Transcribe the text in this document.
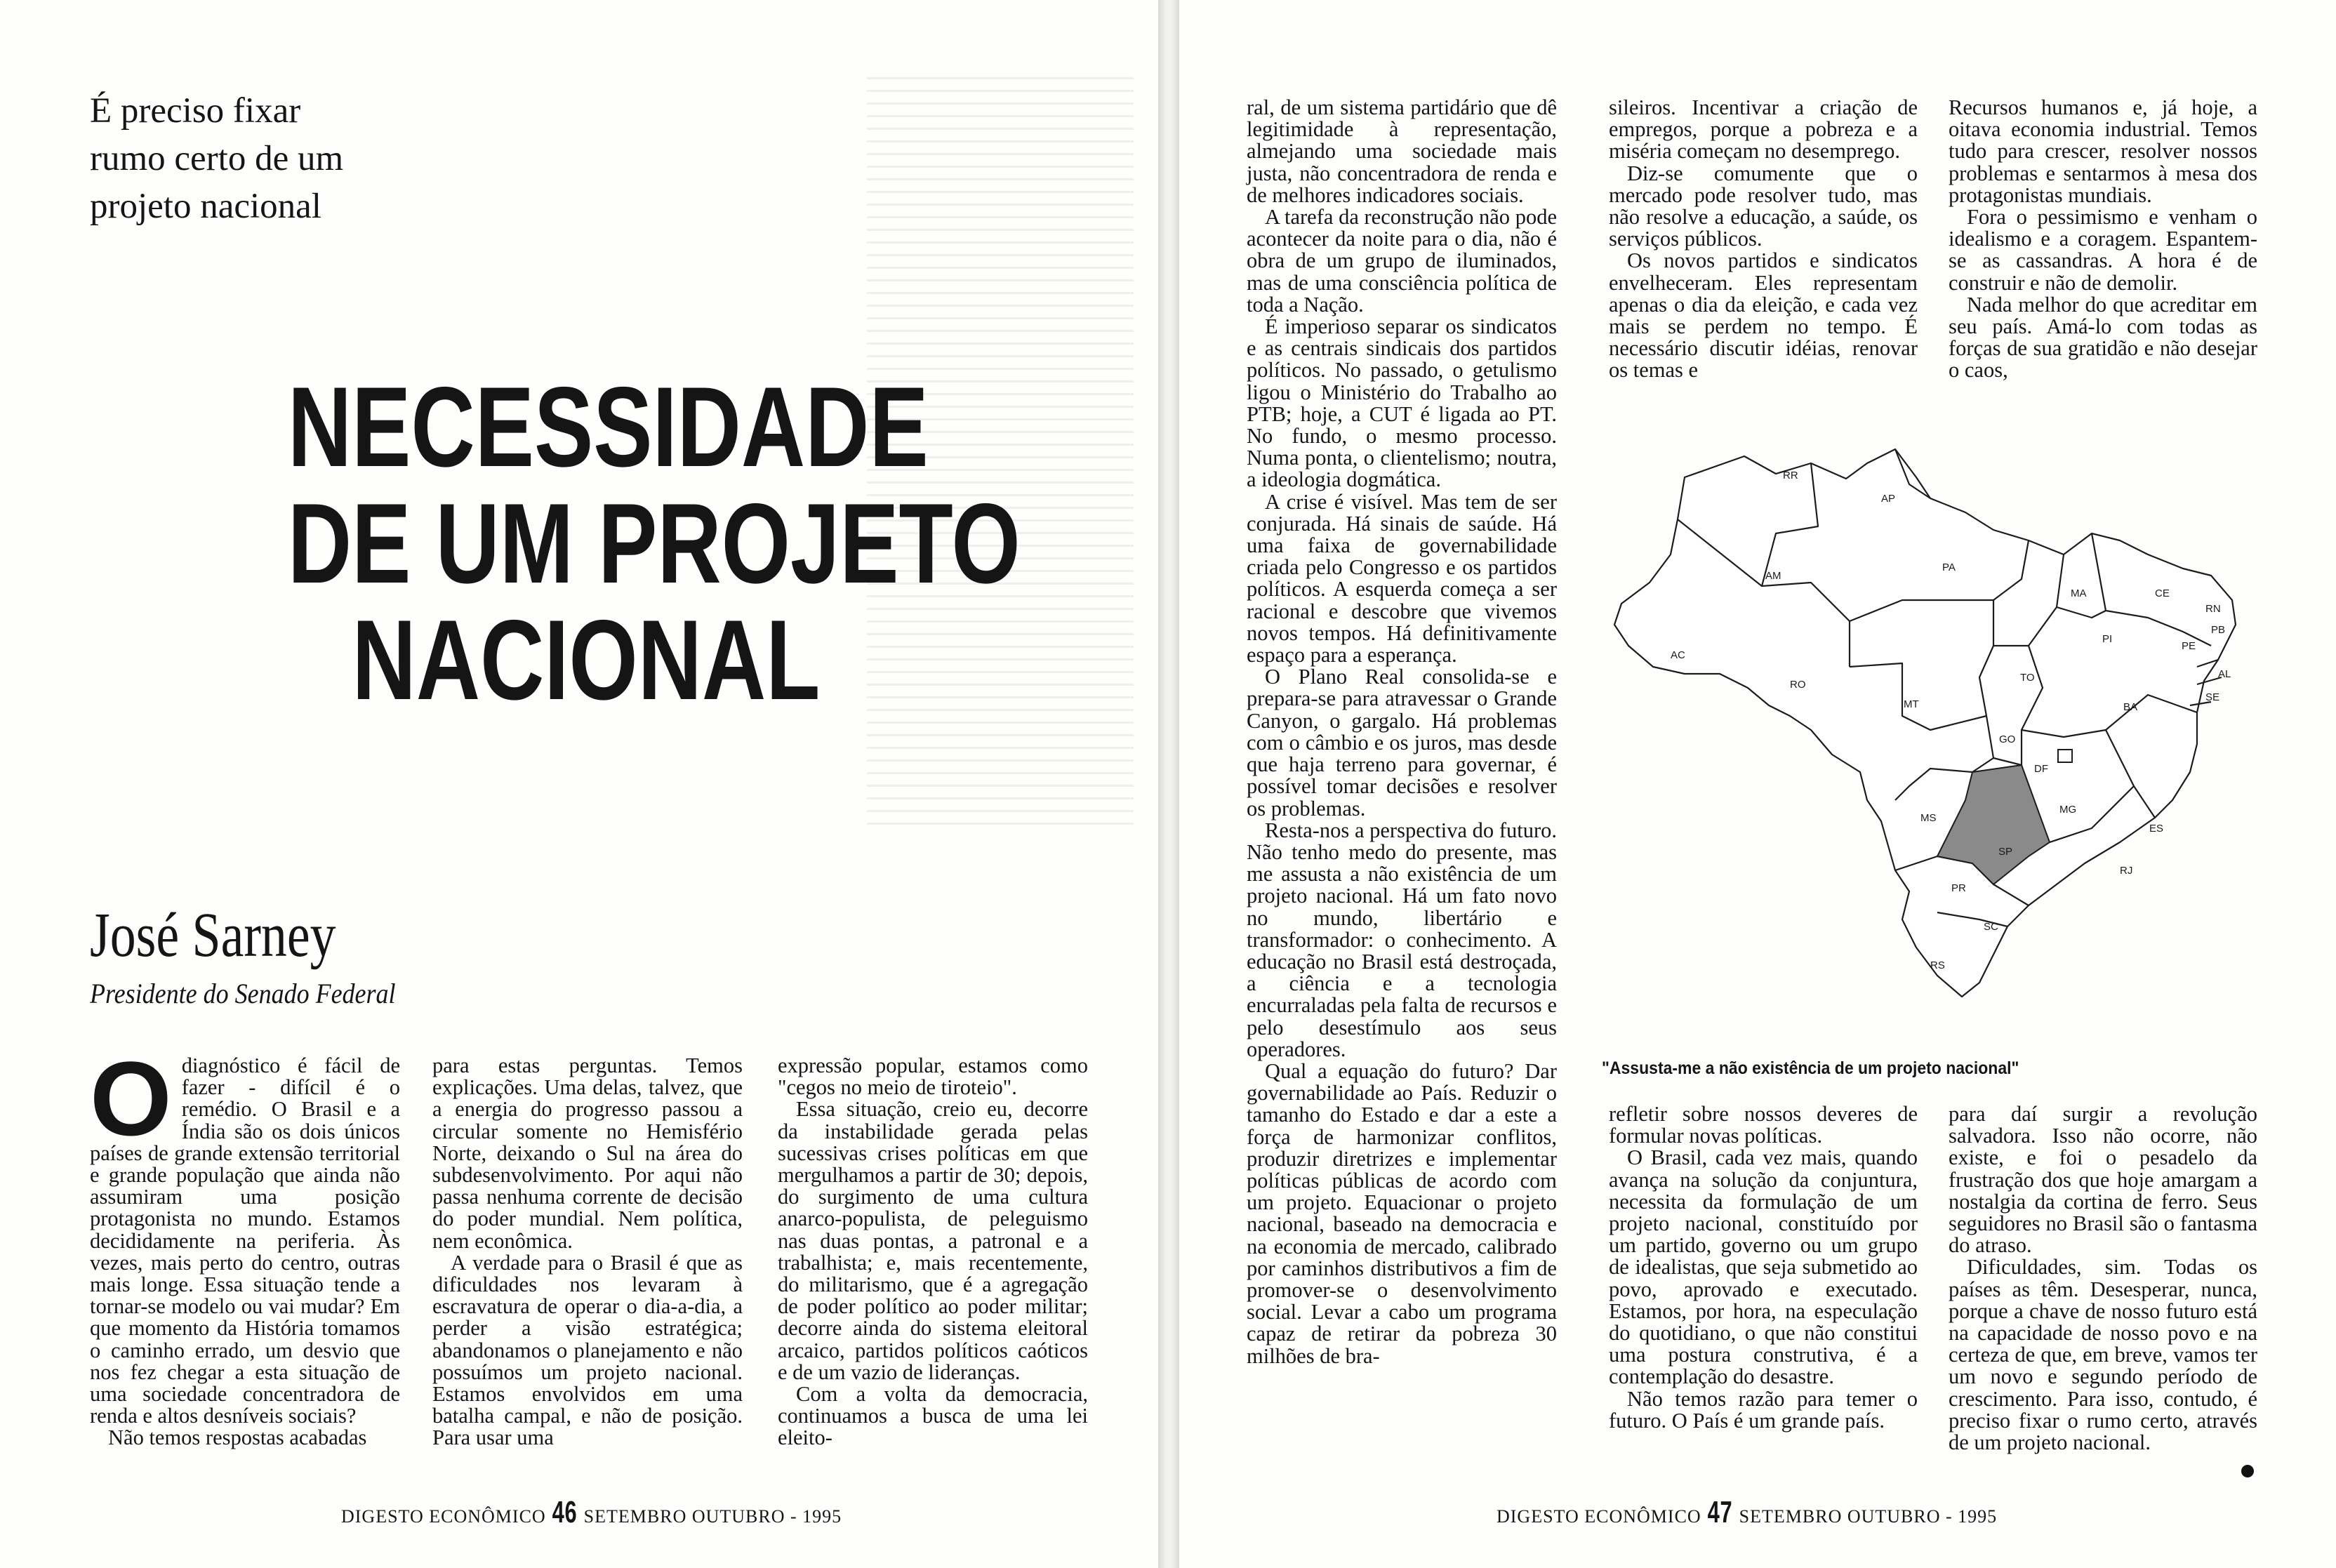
É preciso fixar
rumo certo de um
projeto nacional
NECESSIDADE
DE UM PROJETO
NACIONAL
José Sarney
Presidente do Senado Federal

Odiagnóstico é fácil de fazer - difícil é o remédio. O Brasil e a Índia são os dois únicos países de grande extensão territorial e grande população que ainda não assumiram uma posição protagonista no mundo. Estamos decididamente na periferia. Às vezes, mais perto do centro, outras mais longe. Essa situação tende a tornar-se modelo ou vai mudar? Em que momento da História tomamos o caminho errado, um desvio que nos fez chegar a esta situação de uma sociedade concentradora de renda e altos desníveis sociais?

Não temos respostas acabadas

para estas perguntas. Temos explicações. Uma delas, talvez, que a energia do progresso passou a circular somente no Hemisfério Norte, deixando o Sul na área do subdesenvolvimento. Por aqui não passa nenhuma corrente de decisão do poder mundial. Nem política, nem econômica.

A verdade para o Brasil é que as dificuldades nos levaram à escravatura de operar o dia-a-dia, a perder a visão estratégica; abandonamos o planejamento e não possuímos um projeto nacional. Estamos envolvidos em uma batalha campal, e não de posição. Para usar uma

expressão popular, estamos como "cegos no meio de tiroteio".

Essa situação, creio eu, decorre da instabilidade gerada pelas sucessivas crises políticas em que mergulhamos a partir de 30; depois, do surgimento de uma cultura anarco-populista, de peleguismo nas duas pontas, a patronal e a trabalhista; e, mais recentemente, do militarismo, que é a agregação de poder político ao poder militar; decorre ainda do sistema eleitoral arcaico, partidos políticos caóticos e de um vazio de lideranças.

Com a volta da democracia, continuamos a busca de uma lei eleito-

DIGESTO ECONÔMICO 46 SETEMBRO OUTUBRO - 1995

ral, de um sistema partidário que dê legitimidade à representação, almejando uma sociedade mais justa, não concentradora de renda e de melhores indicadores sociais.

A tarefa da reconstrução não pode acontecer da noite para o dia, não é obra de um grupo de iluminados, mas de uma consciência política de toda a Nação.

É imperioso separar os sindicatos e as centrais sindicais dos partidos políticos. No passado, o getulismo ligou o Ministério do Trabalho ao PTB; hoje, a CUT é ligada ao PT. No fundo, o mesmo processo. Numa ponta, o clientelismo; noutra, a ideologia dogmática.

A crise é visível. Mas tem de ser conjurada. Há sinais de saúde. Há uma faixa de governabilidade criada pelo Congresso e os partidos políticos. A esquerda começa a ser racional e descobre que vivemos novos tempos. Há definitivamente espaço para a esperança.

O Plano Real consolida-se e prepara-se para atravessar o Grande Canyon, o gargalo. Há problemas com o câmbio e os juros, mas desde que haja terreno para governar, é possível tomar decisões e resolver os problemas.

Resta-nos a perspectiva do futuro. Não tenho medo do presente, mas me assusta a não existência de um projeto nacional. Há um fato novo no mundo, libertário e transformador: o conhecimento. A educação no Brasil está destroçada, a ciência e a tecnologia encurraladas pela falta de recursos e pelo desestímulo aos seus operadores.

Qual a equação do futuro? Dar governabilidade ao País. Reduzir o tamanho do Estado e dar a este a força de harmonizar conflitos, produzir diretrizes e implementar políticas públicas de acordo com um projeto. Equacionar o projeto nacional, baseado na democracia e na economia de mercado, calibrado por caminhos distributivos a fim de promover-se o desenvolvimento social. Levar a cabo um programa capaz de retirar da pobreza 30 milhões de bra-

sileiros. Incentivar a criação de empregos, porque a pobreza e a miséria começam no desemprego.

Diz-se comumente que o mercado pode resolver tudo, mas não resolve a educação, a saúde, os serviços públicos.

Os novos partidos e sindicatos envelheceram. Eles representam apenas o dia da eleição, e cada vez mais se perdem no tempo. É necessário discutir idéias, renovar os temas e

Recursos humanos e, já hoje, a oitava economia industrial. Temos tudo para crescer, resolver nossos problemas e sentarmos à mesa dos protagonistas mundiais.

Fora o pessimismo e venham o idealismo e a coragem. Espantem-se as cassandras. A hora é de construir e não de demolir.

Nada melhor do que acreditar em seu país. Amá-lo com todas as forças de sua gratidão e não desejar o caos,

refletir sobre nossos deveres de formular novas políticas.

O Brasil, cada vez mais, quando avança na solução da conjuntura, necessita da formulação de um projeto nacional, constituído por um partido, governo ou um grupo de idealistas, que seja submetido ao povo, aprovado e executado. Estamos, por hora, na especulação do quotidiano, o que não constitui uma postura construtiva, é a contemplação do desastre.

Não temos razão para temer o futuro. O País é um grande país.

para daí surgir a revolução salvadora. Isso não ocorre, não existe, e foi o pesadelo da frustração dos que hoje amargam a nostalgia da cortina de ferro. Seus seguidores no Brasil são o fantasma do atraso.

Dificuldades, sim. Todas os países as têm. Desesperar, nunca, porque a chave de nosso futuro está na capacidade de nosso povo e na certeza de que, em breve, vamos ter um novo e segundo período de crescimento. Para isso, contudo, é preciso fixar o rumo certo, através de um projeto nacional.

DIGESTO ECONÔMICO 47 SETEMBRO OUTUBRO - 1995
RR
AP
AM
PA
MA	CE
RN
PB
PI
PE
AL
SE
AC
RO
TO
MT	BA
GO
DF
MG
ES
MS
SP
RJ
PR
SC
RS
"Assusta-me a não existência de um projeto nacional"
